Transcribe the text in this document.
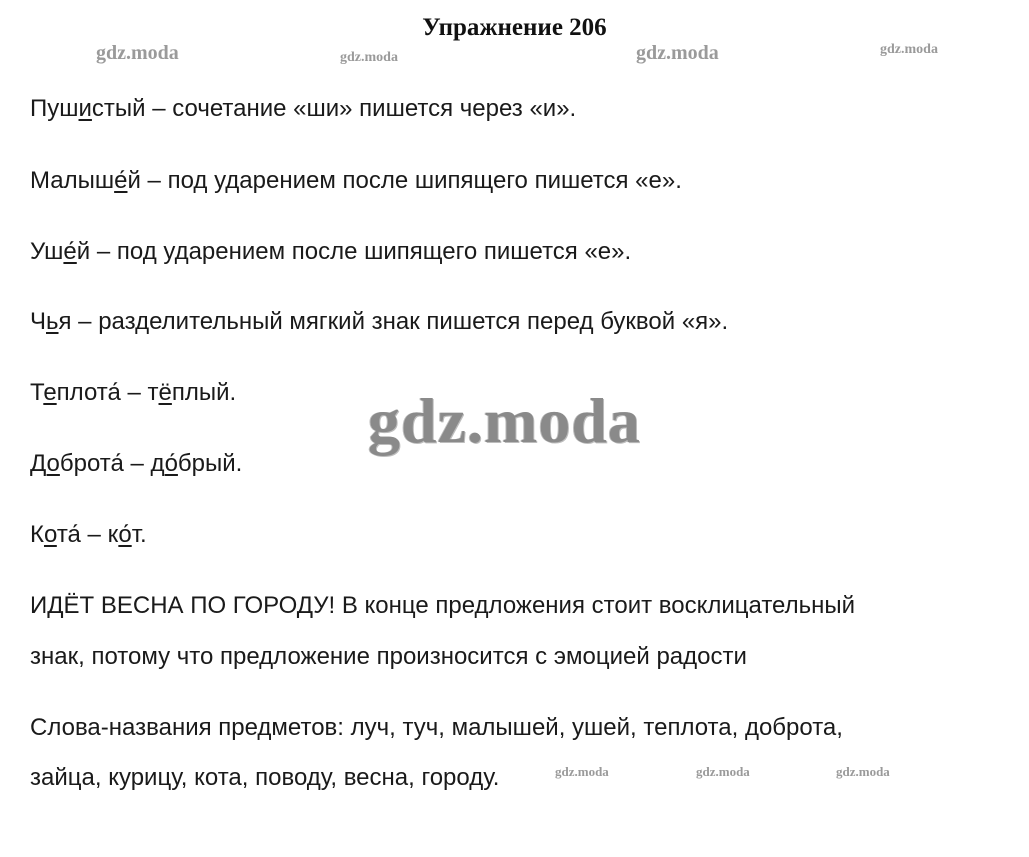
Упражнение 206
gdz.moda	gdz.moda	gdz.moda	gdz.moda
gdz.moda	gdz.moda	gdz.moda
gdz.moda
Пушистый – сочетание «ши» пишется через «и».
Малыше́й – под ударением после шипящего пишется «е».
Уше́й – под ударением после шипящего пишется «е».
Чья – разделительный мягкий знак пишется перед буквой «я».
Теплота́ – тёплый.
Доброта́ – до́брый.
Кота́ – ко́т.
ИДЁТ ВЕСНА ПО ГОРОДУ! В конце предложения стоит восклицательный
знак, потому что предложение произносится с эмоцией радости
Слова-названия предметов: луч, туч, малышей, ушей, теплота, доброта,
зайца, курицу, кота, поводу, весна, городу.
